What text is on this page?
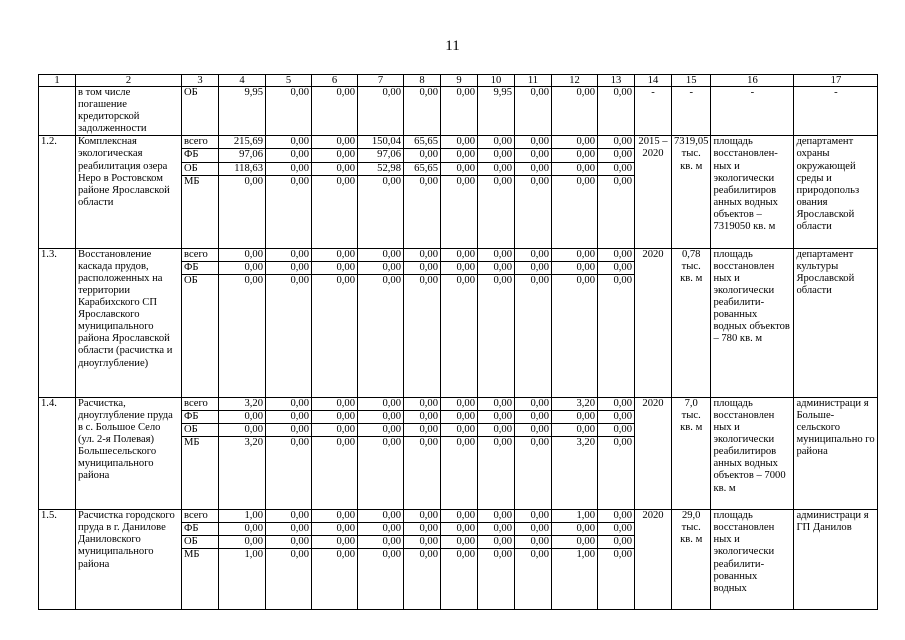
11
1	2	3	4	5	6	7	8	9	10	11	12	13	14	15	16	17
	в том числе погашение кредиторской задолженности	ОБ	9,95	0,00	0,00	0,00	0,00	0,00	9,95	0,00	0,00	0,00	-	-	-	-
1.2.	Комплексная экологическая реабилитация озера Неро в Ростовском районе Ярославской области	всего	215,69	0,00	0,00	150,04	65,65	0,00	0,00	0,00	0,00	0,00	2015 – 2020	7319,05 тыс. кв. м	площадь восстановлен-ных и экологически реабилитиров анных водных объектов – 7319050 кв. м	департамент охраны окружающей среды и природопольз ования Ярославской области
		ФБ	97,06	0,00	0,00	97,06	0,00	0,00	0,00	0,00	0,00	0,00				
		ОБ	118,63	0,00	0,00	52,98	65,65	0,00	0,00	0,00	0,00	0,00				
		МБ	0,00	0,00	0,00	0,00	0,00	0,00	0,00	0,00	0,00	0,00				
1.3.	Восстановление каскада прудов, расположенных на территории Карабихского СП Ярославского муниципального района Ярославской области (расчистка и дноуглубление)	всего	0,00	0,00	0,00	0,00	0,00	0,00	0,00	0,00	0,00	0,00	2020	0,78 тыс. кв. м	площадь восстановлен ных и экологически реабилити-рованных водных объектов – 780 кв. м	департамент культуры Ярославской области
		ФБ	0,00	0,00	0,00	0,00	0,00	0,00	0,00	0,00	0,00	0,00				
		ОБ	0,00	0,00	0,00	0,00	0,00	0,00	0,00	0,00	0,00	0,00				
1.4.	Расчистка, дноуглубление пруда в с. Большое Село (ул. 2-я Полевая) Большесельского муниципального района	всего	3,20	0,00	0,00	0,00	0,00	0,00	0,00	0,00	3,20	0,00	2020	7,0 тыс. кв. м	площадь восстановлен ных и экологически реабилитиров анных водных объектов – 7000 кв. м	администраци я Больше-сельского муниципально го района
		ФБ	0,00	0,00	0,00	0,00	0,00	0,00	0,00	0,00	0,00	0,00				
		ОБ	0,00	0,00	0,00	0,00	0,00	0,00	0,00	0,00	0,00	0,00				
		МБ	3,20	0,00	0,00	0,00	0,00	0,00	0,00	0,00	3,20	0,00				
1.5.	Расчистка городского пруда в г. Данилове Даниловского муниципального района	всего	1,00	0,00	0,00	0,00	0,00	0,00	0,00	0,00	1,00	0,00	2020	29,0 тыс. кв. м	площадь восстановлен ных и экологически реабилити-рованных водных	администраци я ГП Данилов
		ФБ	0,00	0,00	0,00	0,00	0,00	0,00	0,00	0,00	0,00	0,00				
		ОБ	0,00	0,00	0,00	0,00	0,00	0,00	0,00	0,00	0,00	0,00				
		МБ	1,00	0,00	0,00	0,00	0,00	0,00	0,00	0,00	1,00	0,00				
